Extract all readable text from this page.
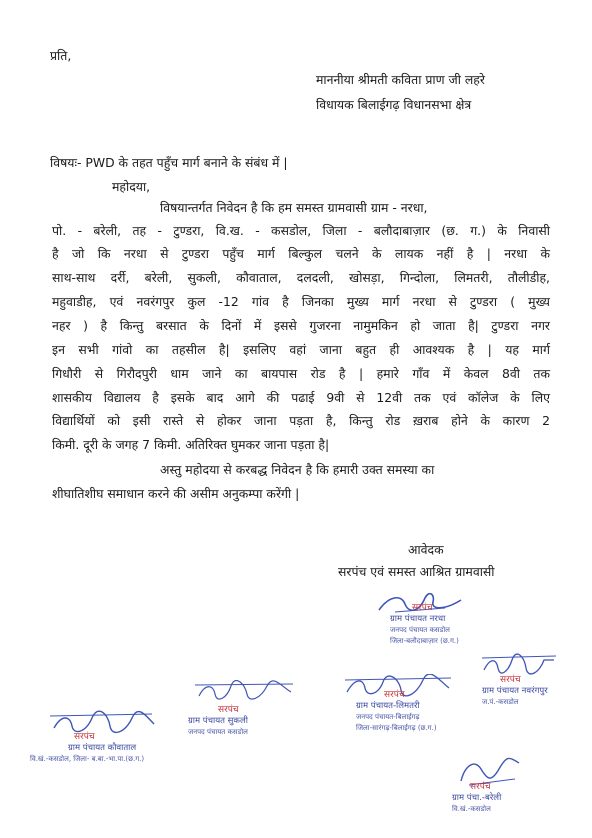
प्रति,
माननीया श्रीमती कविता प्राण जी लहरे
विधायक बिलाईगढ़ विधानसभा क्षेत्र
विषयः- PWD के तहत पहुँच मार्ग बनाने के संबंध में |
महोदया,
विषयान्तर्गत निवेदन है कि हम समस्त ग्रामवासी ग्राम - नरधा,
पो. - बरेली, तह - टुण्डरा, वि.ख. - कसडोल, जिला - बलौदाबाज़ार (छ. ग.) के निवासी
है जो कि नरधा से टुण्डरा पहुँच मार्ग बिल्कुल चलने के लायक नहीं है | नरधा के
साथ-साथ दर्री, बरेली, सुकली, कौवाताल, दलदली, खोसड़ा, गिन्दोला, लिमतरी, तौलीडीह,
महुवाडीह, एवं नवरंगपुर कुल -12 गांव है जिनका मुख्य मार्ग नरधा से टुण्डरा ( मुख्य
नहर ) है किन्तु बरसात के दिनों में इससे गुजरना नामुमकिन हो जाता है| टुण्डरा नगर
इन सभी गांवो का तहसील है| इसलिए वहां जाना बहुत ही आवश्यक है | यह मार्ग
गिधौरी से गिरौदपुरी धाम जाने का बायपास रोड है | हमारे गाँव में केवल 8वी तक
शासकीय विद्यालय है इसके बाद आगे की पढाई 9वी से 12वी तक एवं कॉलेज के लिए
विद्यार्थियों को इसी रास्ते से होकर जाना पड़ता है, किन्तु रोड ख़राब होने के कारण 2
किमी. दूरी के जगह 7 किमी. अतिरिक्त घुमकर जाना पड़ता है|
अस्तु महोदया से करबद्ध निवेदन है कि हमारी उक्त समस्या का
शीघातिशीघ समाधान करने की असीम अनुकम्पा करेंगी |
आवेदक
सरपंच एवं समस्त आश्रित ग्रामवासी
सरपंच
ग्राम पंचायत नरधा
जनपद पंचायत कसडोल
जिला-बलौदाबाज़ार (छ.ग.)
सरपंच
ग्राम पंचायत नवरंगपुर
ज.पं.-कसडोल
सरपंच
ग्राम पंचायत सुकली
जनपद पंचायत कसडोल
सरपंच
ग्राम पंचायत-लिमतरी
जनपद पंचायत-बिलाईगढ़
जिला-सारंगढ़-बिलाईगढ़ (छ.ग.)
सरपंच
ग्राम पंचायत कौवाताल
वि.खं.-कसडोल, जिला- ब.बा.-भा.पा.(छ.ग.)
सरपंच
ग्राम पंचा.-बरेली
वि.खं.-कसडोल
